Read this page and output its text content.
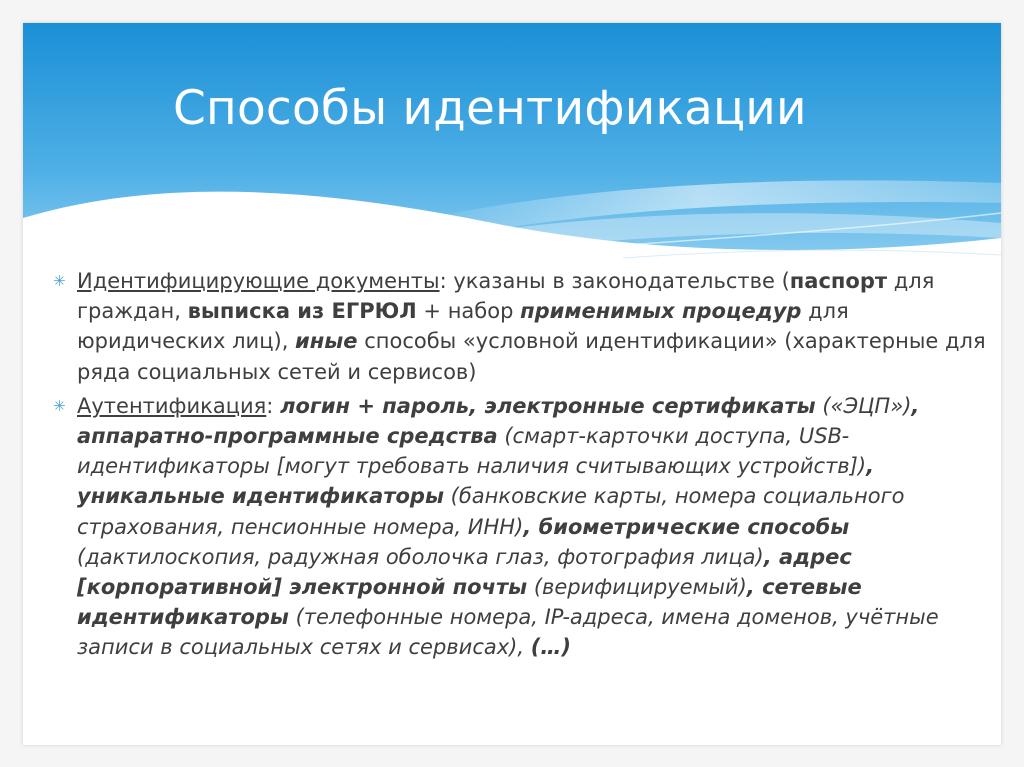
Способы идентификации
✳ Идентифицирующие документы: указаны в законодательстве (паспорт для граждан, выписка из ЕГРЮЛ + набор применимых процедур для юридических лиц), иные способы «условной идентификации» (характерные для ряда социальных сетей и сервисов)
✳ Аутентификация: логин + пароль, электронные сертификаты («ЭЦП»), аппаратно-программные средства (смарт-карточки доступа, USB-идентификаторы [могут требовать наличия считывающих устройств]), уникальные идентификаторы (банковские карты, номера социального страхования, пенсионные номера, ИНН), биометрические способы (дактилоскопия, радужная оболочка глаз, фотография лица), адрес [корпоративной] электронной почты (верифицируемый), сетевые идентификаторы (телефонные номера, IP-адреса, имена доменов, учётные записи в социальных сетях и сервисах), (…)
